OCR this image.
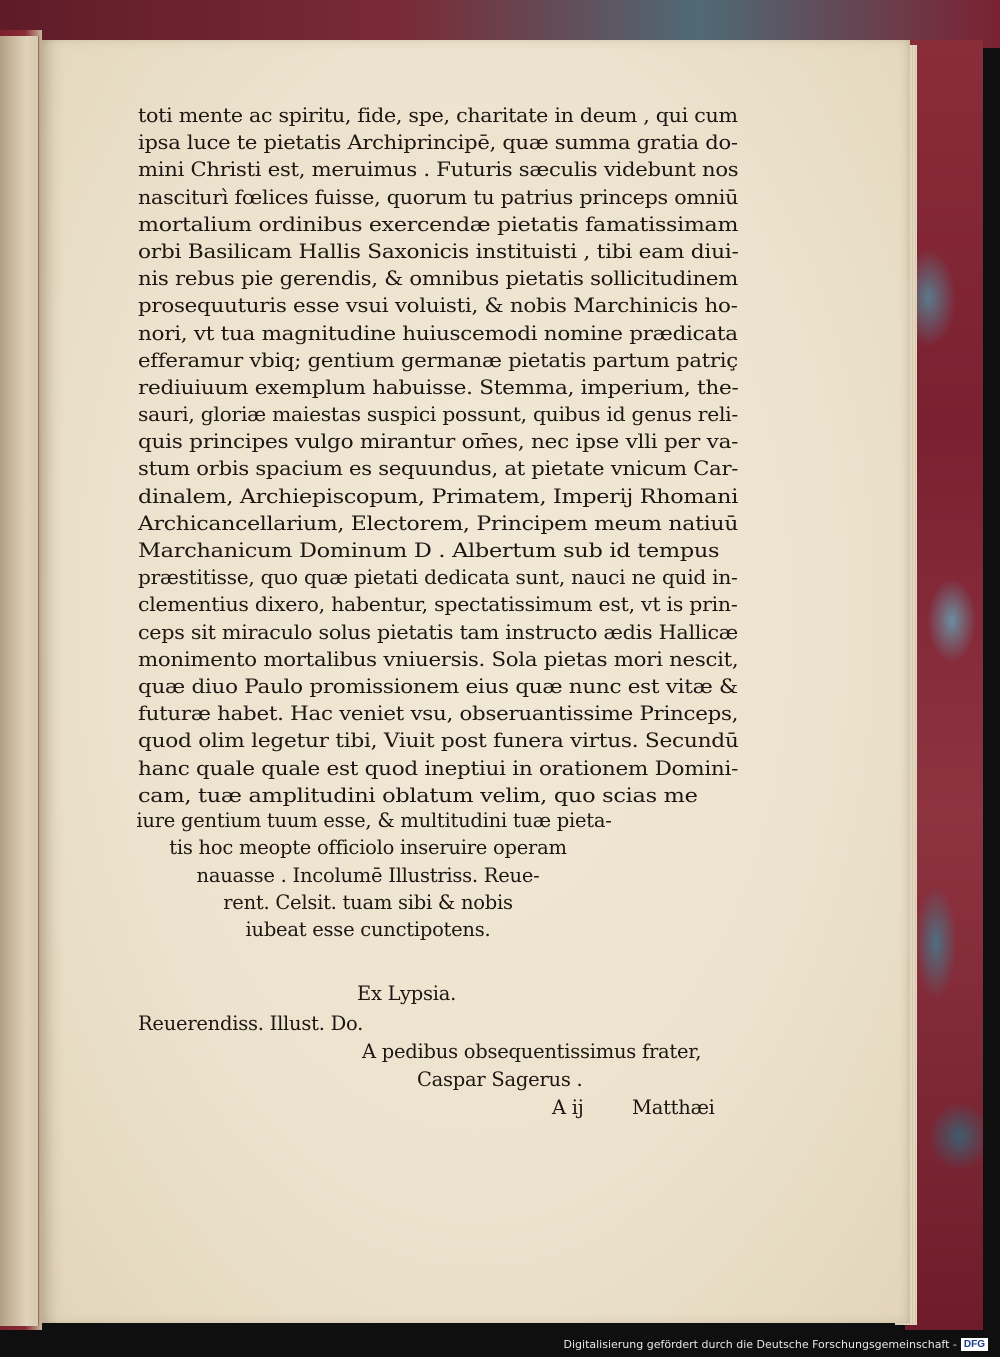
toti mente ac spiritu, fide, spe, charitate in deum , qui cum
ipsa luce te pietatis Archiprincipē, quæ summa gratia do-
mini Christi est, meruimus . Futuris sæculis videbunt nos
nasciturì fœlices fuisse, quorum tu patrius princeps omniū
mortalium ordinibus exercendæ pietatis famatissimam
orbi Basilicam Hallis Saxonicis instituisti , tibi eam diui-
nis rebus pie gerendis, & omnibus pietatis sollicitudinem
prosequuturis esse vsui voluisti, & nobis Marchinicis ho-
nori, vt tua magnitudine huiuscemodi nomine prædicata
efferamur vbiq; gentium germanæ pietatis partum patriç
rediuiuum exemplum habuisse. Stemma, imperium, the-
sauri, gloriæ maiestas suspici possunt, quibus id genus reli-
quis principes vulgo mirantur om̄es, nec ipse vlli per va-
stum orbis spacium es sequundus, at pietate vnicum Car-
dinalem, Archiepiscopum, Primatem, Imperij Rhomani
Archicancellarium, Electorem, Principem meum natiuū
Marchanicum Dominum D . Albertum sub id tempus
præstitisse, quo quæ pietati dedicata sunt, nauci ne quid in-
clementius dixero, habentur, spectatissimum est, vt is prin-
ceps sit miraculo solus pietatis tam instructo ædis Hallicæ
monimento mortalibus vniuersis. Sola pietas mori nescit,
quæ diuo Paulo promissionem eius quæ nunc est vitæ &
futuræ habet. Hac veniet vsu, obseruantissime Princeps,
quod olim legetur tibi, Viuit post funera virtus. Secundū
hanc quale quale est quod ineptiui in orationem Domini-
cam, tuæ amplitudini oblatum velim, quo scias me
iure gentium tuum esse, & multitudini tuæ pieta-
tis hoc meopte officiolo inseruire operam
nauasse . Incolumē Illustriss. Reue-
rent. Celsit. tuam sibi & nobis
iubeat esse cunctipotens.
Ex Lypsia.
Reuerendiss. Illust. Do.
A pedibus obsequentissimus frater,
Caspar Sagerus .
A ij Matthæi
Digitalisierung gefördert durch die Deutsche Forschungsgemeinschaft - DFG
